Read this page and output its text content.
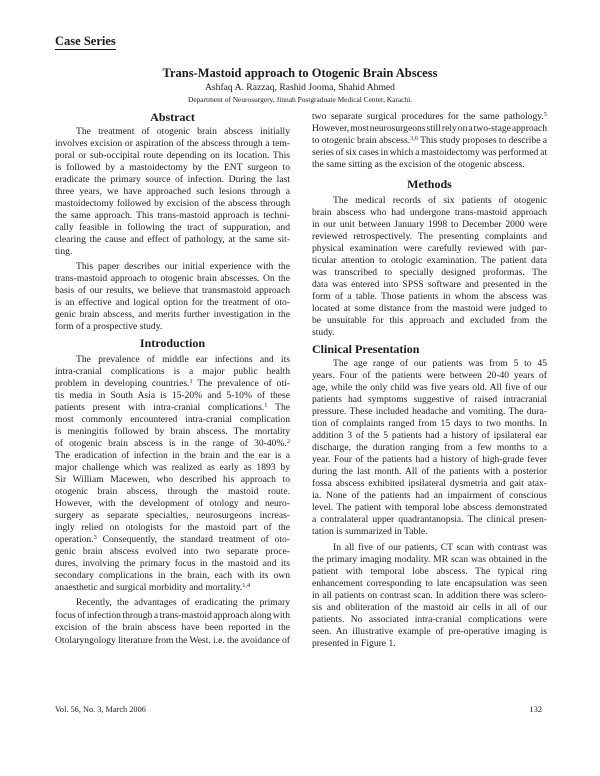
Case Series
Trans-Mastoid approach to Otogenic Brain Abscess
Ashfaq A. Razzaq, Rashid Jooma, Shahid Ahmed
Department of Neurosurgery, Jinnah Postgraduate Medical Center, Karachi.
Abstract
The treatment of otogenic brain abscess initially
involves excision or aspiration of the abscess through a tem-
poral or sub-occipital route depending on its location. This
is followed by a mastoidectomy by the ENT surgeon to
eradicate the primary source of infection. During the last
three years, we have approached such lesions through a
mastoidectomy followed by excision of the abscess through
the same approach. This trans-mastoid approach is techni-
cally feasible in following the tract of suppuration, and
clearing the cause and effect of pathology, at the same sit-
ting.
This paper describes our initial experience with the
trans-mastoid approach to otogenic brain abscesses. On the
basis of our results, we believe that transmastoid approach
is an effective and logical option for the treatment of oto-
genic brain abscess, and merits further investigation in the
form of a prospective study.
Introduction
The prevalence of middle ear infections and its
intra-cranial complications is a major public health
problem in developing countries.$^1$ The prevalence of oti-
tis media in South Asia is 15-20% and 5-10% of these
patients present with intra-cranial complications.$^1$ The
most commonly encountered intra-cranial complication
is meningitis followed by brain abscess. The mortality
of otogenic brain abscess is in the range of 30-40%.$^2$
The eradication of infection in the brain and the ear is a
major challenge which was realized as early as 1893 by
Sir William Macewen, who described his approach to
otogenic brain abscess, through the mastoid route.
However, with the development of otology and neuro-
surgery as separate specialties, neurosurgeons increas-
ingly relied on otologists for the mastoid part of the
operation.$^3$ Consequently, the standard treatment of oto-
genic brain abscess evolved into two separate proce-
dures, involving the primary focus in the mastoid and its
secondary complications in the brain, each with its own
anaesthetic and surgical morbidity and mortality.$^{1,4}$
Recently, the advantages of eradicating the primary
focus of infection through a trans-mastoid approach along with
excision of the brain abscess have been reported in the
Otolaryngology literature from the West. i.e. the avoidance of
two separate surgical procedures for the same pathology.$^5$
However, most neurosurgeons still rely on a two-stage approach
to otogenic brain abscess.$^{3,6}$ This study proposes to describe a
series of six cases in which a mastoidectomy was performed at
the same sitting as the excision of the otogenic abscess.
Methods
The medical records of six patients of otogenic
brain abscess who had undergone trans-mastoid approach
in our unit between January 1998 to December 2000 were
reviewed retrospectively. The presenting complaints and
physical examination were carefully reviewed with par-
ticular attention to otologic examination. The patient data
was transcribed to specially designed proformas. The
data was entered into SPSS software and presented in the
form of a table. Those patients in whom the abscess was
located at some distance from the mastoid were judged to
be unsuitable for this approach and excluded from the
study.
Clinical Presentation
The age range of our patients was from 5 to 45
years. Four of the patients were between 20-40 years of
age, while the only child was five years old. All five of our
patients had symptoms suggestive of raised intracranial
pressure. These included headache and vomiting. The dura-
tion of complaints ranged from 15 days to two months. In
addition 3 of the 5 patients had a history of ipsilateral ear
discharge, the duration ranging from a few months to a
year. Four of the patients had a history of high-grade fever
during the last month. All of the patients with a posterior
fossa abscess exhibited ipsilateral dysmetria and gait atax-
ia. None of the patients had an impairment of conscious
level. The patient with temporal lobe abscess demonstrated
a contralateral upper quadrantanopsia. The clinical presen-
tation is summarized in Table.
In all five of our patients, CT scan with contrast was
the primary imaging modality. MR scan was obtained in the
patient with temporal lobe abscess. The typical ring
enhancement corresponding to late encapsulation was seen
in all patients on contrast scan. In addition there was sclero-
sis and obliteration of the mastoid air cells in all of our
patients. No associated intra-cranial complications were
seen. An illustrative example of pre-operative imaging is
presented in Figure 1.
Vol. 56, No. 3, March 2006	132
